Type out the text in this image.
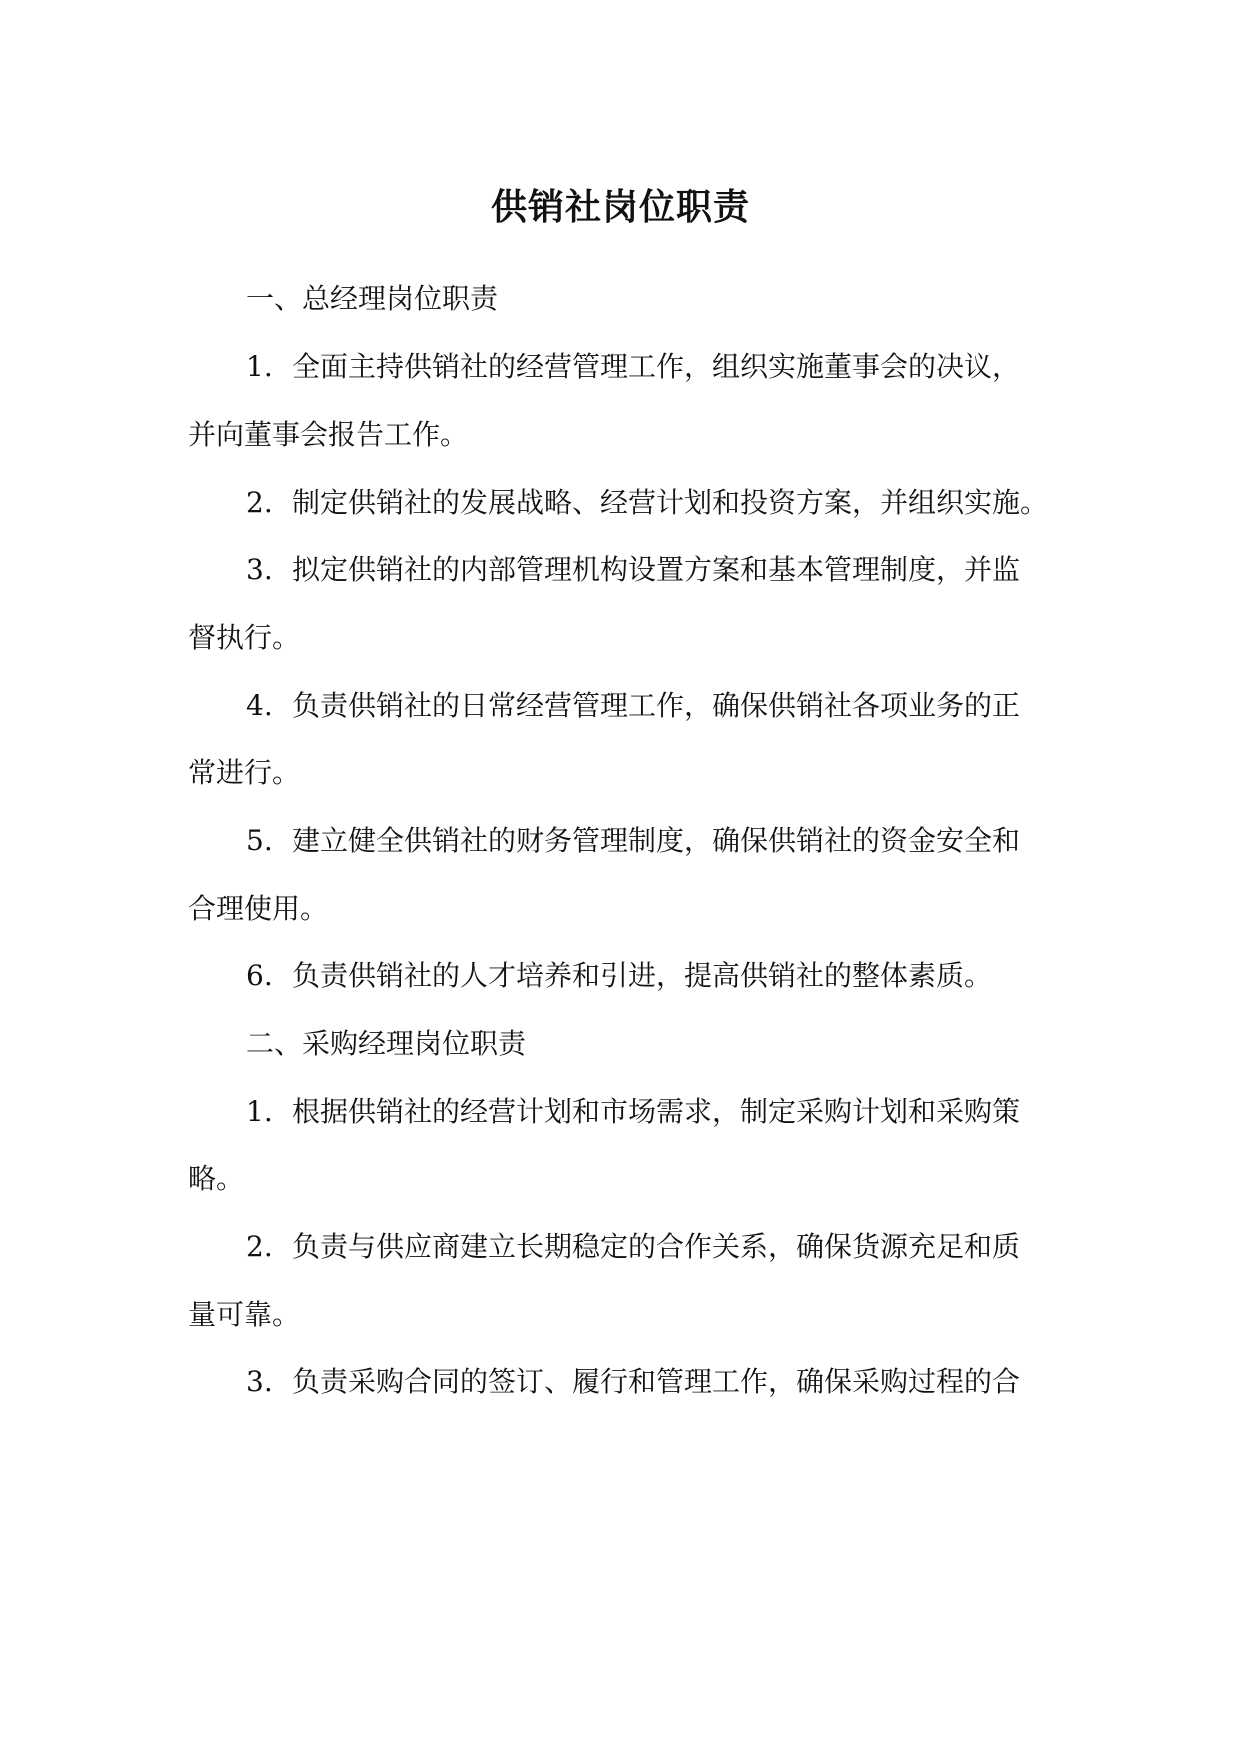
供销社岗位职责
一、总经理岗位职责
1. 全面主持供销社的经营管理工作，组织实施董事会的决议，
并向董事会报告工作。
2. 制定供销社的发展战略、经营计划和投资方案，并组织实施。
3. 拟定供销社的内部管理机构设置方案和基本管理制度，并监
督执行。
4. 负责供销社的日常经营管理工作，确保供销社各项业务的正
常进行。
5. 建立健全供销社的财务管理制度，确保供销社的资金安全和
合理使用。
6. 负责供销社的人才培养和引进，提高供销社的整体素质。
二、采购经理岗位职责
1. 根据供销社的经营计划和市场需求，制定采购计划和采购策
略。
2. 负责与供应商建立长期稳定的合作关系，确保货源充足和质
量可靠。
3. 负责采购合同的签订、履行和管理工作，确保采购过程的合
